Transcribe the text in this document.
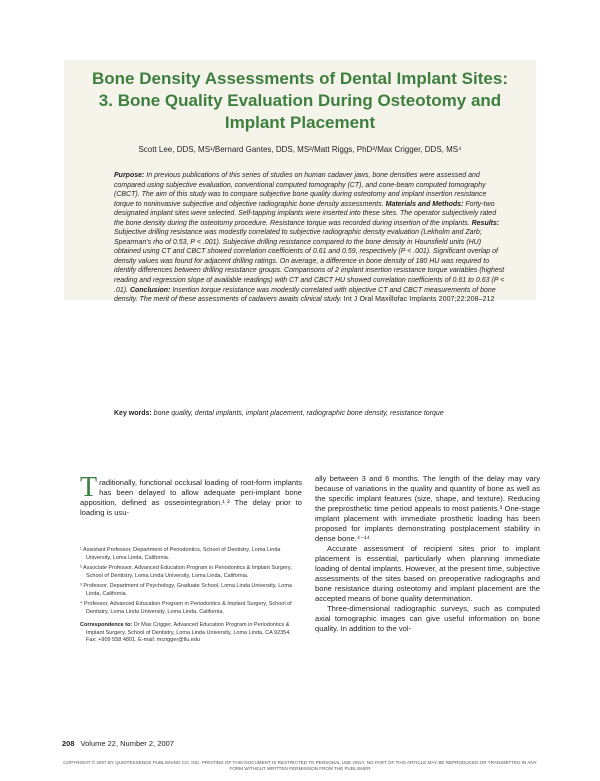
Bone Density Assessments of Dental Implant Sites:
3. Bone Quality Evaluation During Osteotomy and
Implant Placement
Scott Lee, DDS, MS¹/Bernard Gantes, DDS, MS²/Matt Riggs, PhD³/Max Crigger, DDS, MS⁴

Purpose: In previous publications of this series of studies on human cadaver jaws, bone densities were assessed and compared using subjective evaluation, conventional computed tomography (CT), and cone-beam computed tomography (CBCT). The aim of this study was to compare subjective bone quality during osteotomy and implant insertion resistance torque to noninvasive subjective and objective radiographic bone density assessments. Materials and Methods: Forty-two designated implant sites were selected. Self-tapping implants were inserted into these sites. The operator subjectively rated the bone density during the osteotomy procedure. Resistance torque was recorded during insertion of the implants. Results: Subjective drilling resistance was modestly correlated to subjective radiographic density evaluation (Lekholm and Zarb; Spearman's rho of 0.53, P < .001). Subjective drilling resistance compared to the bone density in Hounsfield units (HU) obtained using CT and CBCT showed correlation coefficients of 0.61 and 0.59, respectively (P < .001). Significant overlap of density values was found for adjacent drilling ratings. On average, a difference in bone density of 180 HU was required to identify differences between drilling resistance groups. Comparisons of 2 implant insertion resistance torque variables (highest reading and regression slope of available readings) with CT and CBCT HU showed correlation coefficients of 0.61 to 0.63 (P < .01). Conclusion: Insertion torque resistance was modestly correlated with objective CT and CBCT measurements of bone density. The merit of these assessments of cadavers awaits clinical study. Int J Oral Maxillofac Implants 2007;22:208–212

Key words: bone quality, dental implants, implant placement, radiographic bone density, resistance torque

Traditionally, functional occlusal loading of root-form implants has been delayed to allow adequate peri-implant bone apposition, defined as osseointegration.¹˒² The delay prior to loading is usu-

¹ Assistant Professor, Department of Periodontics, School of Dentistry, Loma Linda University, Loma Linda, California.

² Associate Professor, Advanced Education Program in Periodontics & Implant Surgery, School of Dentistry, Loma Linda University, Loma Linda, California.

³ Professor, Department of Psychology, Graduate School, Loma Linda University, Loma Linda, California.

⁴ Professor, Advanced Education Program in Periodontics & Implant Surgery, School of Dentistry, Loma Linda University, Loma Linda, California.

Correspondence to: Dr Max Crigger, Advanced Education Program in Periodontics & Implant Surgery, School of Dentistry, Loma Linda University, Loma Linda, CA 92354. Fax: +909 558 4801. E-mail: mcrigger@llu.edu

ally between 3 and 6 months. The length of the delay may vary because of variations in the quality and quantity of bone as well as the specific implant features (size, shape, and texture). Reducing the preprosthetic time period appeals to most patients.³ One-stage implant placement with immediate prosthetic loading has been proposed for implants demonstrating postplacement stability in dense bone.⁴⁻¹⁴

Accurate assessment of recipient sites prior to implant placement is essential, particularly when planning immediate loading of dental implants. However, at the present time, subjective assessments of the sites based on preoperative radiographs and bone resistance during osteotomy and implant placement are the accepted means of bone quality determination.

Three-dimensional radiographic surveys, such as computed axial tomographic images can give useful information on bone quality. In addition to the vol-

208 Volume 22, Number 2, 2007
COPYRIGHT © 2007 BY QUINTESSENCE PUBLISHING CO, INC. PRINTING OF THIS DOCUMENT IS RESTRICTED TO PERSONAL USE ONLY. NO PART OF THIS ARTICLE MAY BE REPRODUCED OR TRANSMITTED IN ANY FORM WITHOUT WRITTEN PERMISSION FROM THE PUBLISHER
